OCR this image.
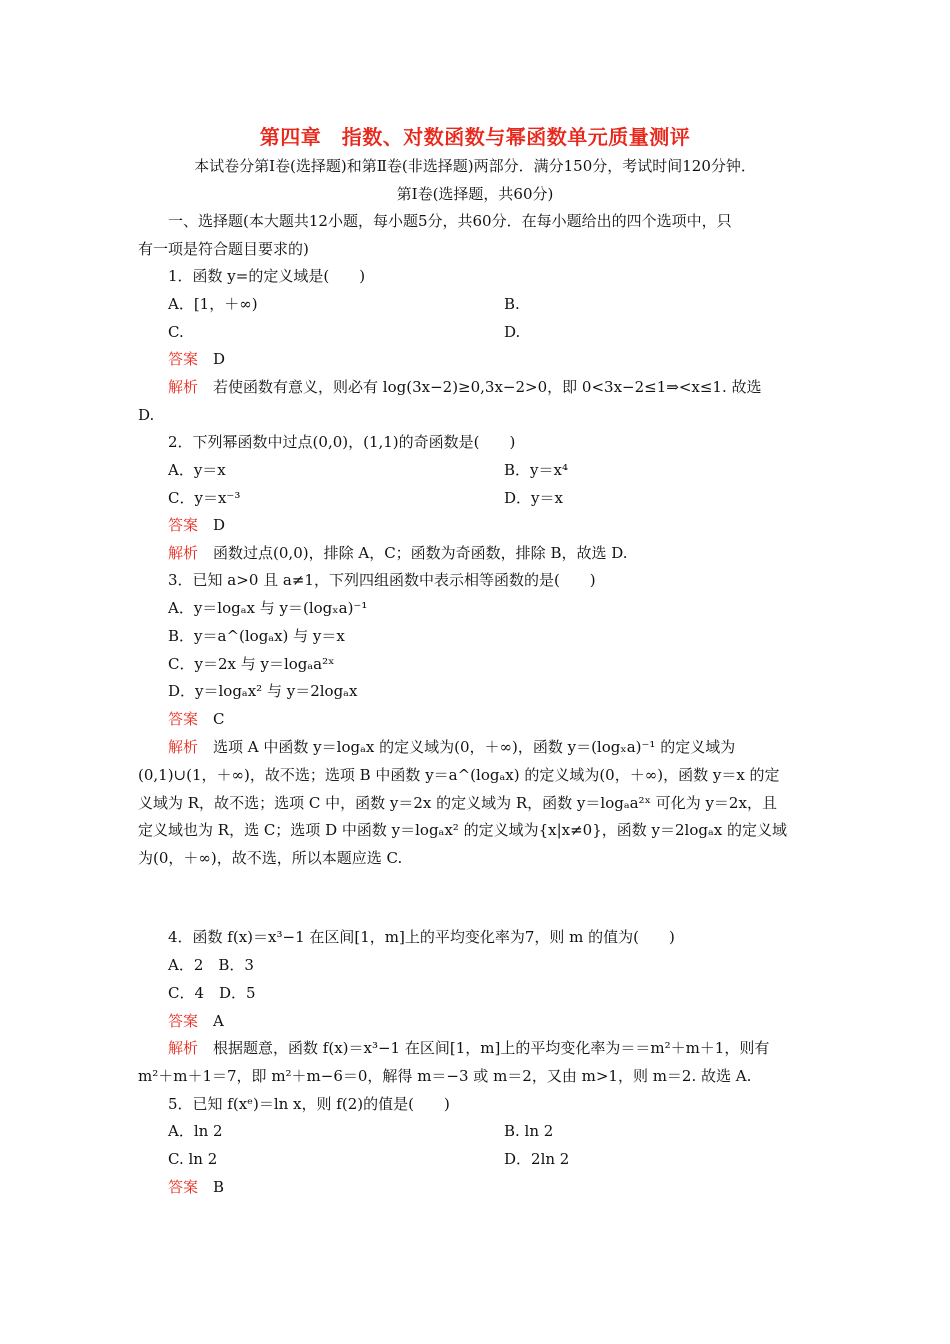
第四章　指数、对数函数与幂函数单元质量测评
本试卷分第Ⅰ卷(选择题)和第Ⅱ卷(非选择题)两部分．满分150分，考试时间120分钟．
第Ⅰ卷(选择题，共60分)
一、选择题(本大题共12小题，每小题5分，共60分．在每小题给出的四个选项中，只
有一项是符合题目要求的)
1．函数 y=的定义域是(　　)
A．[1，＋∞)	B.
C.	D.
答案　 D
解析　 若使函数有意义，则必有 log(3x−2)≥0,3x−2>0，即 0<3x−2≤1⇒<x≤1. 故选
D.
2．下列幂函数中过点(0,0)，(1,1)的奇函数是(　　)
A．y＝x	B．y＝x⁴
C．y＝x⁻³	D．y＝x
答案　 D
解析　 函数过点(0,0)，排除 A，C；函数为奇函数，排除 B，故选 D.
3．已知 a>0 且 a≠1，下列四组函数中表示相等函数的是(　　)
A．y＝logₐx 与 y＝(logₓa)⁻¹
B．y＝a^(logₐx) 与 y＝x
C．y＝2x 与 y＝logₐa²ˣ
D．y＝logₐx² 与 y＝2logₐx
答案　 C
解析　 选项 A 中函数 y＝logₐx 的定义域为(0，＋∞)，函数 y＝(logₓa)⁻¹ 的定义域为
(0,1)∪(1，＋∞)，故不选；选项 B 中函数 y＝a^(logₐx) 的定义域为(0，＋∞)，函数 y＝x 的定
义域为 R，故不选；选项 C 中，函数 y＝2x 的定义域为 R，函数 y＝logₐa²ˣ 可化为 y＝2x，且
定义域也为 R，选 C；选项 D 中函数 y＝logₐx² 的定义域为{x|x≠0}，函数 y＝2logₐx 的定义域
为(0，＋∞)，故不选，所以本题应选 C.
4．函数 f(x)＝x³−1 在区间[1，m]上的平均变化率为7，则 m 的值为(　　)
A．2　B．3
C．4　D．5
答案　 A
解析　 根据题意，函数 f(x)＝x³−1 在区间[1，m]上的平均变化率为＝＝m²＋m＋1，则有
m²＋m＋1＝7，即 m²＋m−6＝0，解得 m＝−3 或 m＝2，又由 m>1，则 m＝2. 故选 A.
5．已知 f(xᵉ)＝ln x，则 f(2)的值是(　　)
A．ln 2	B. ln 2
C. ln 2	D．2ln 2
答案　 B
